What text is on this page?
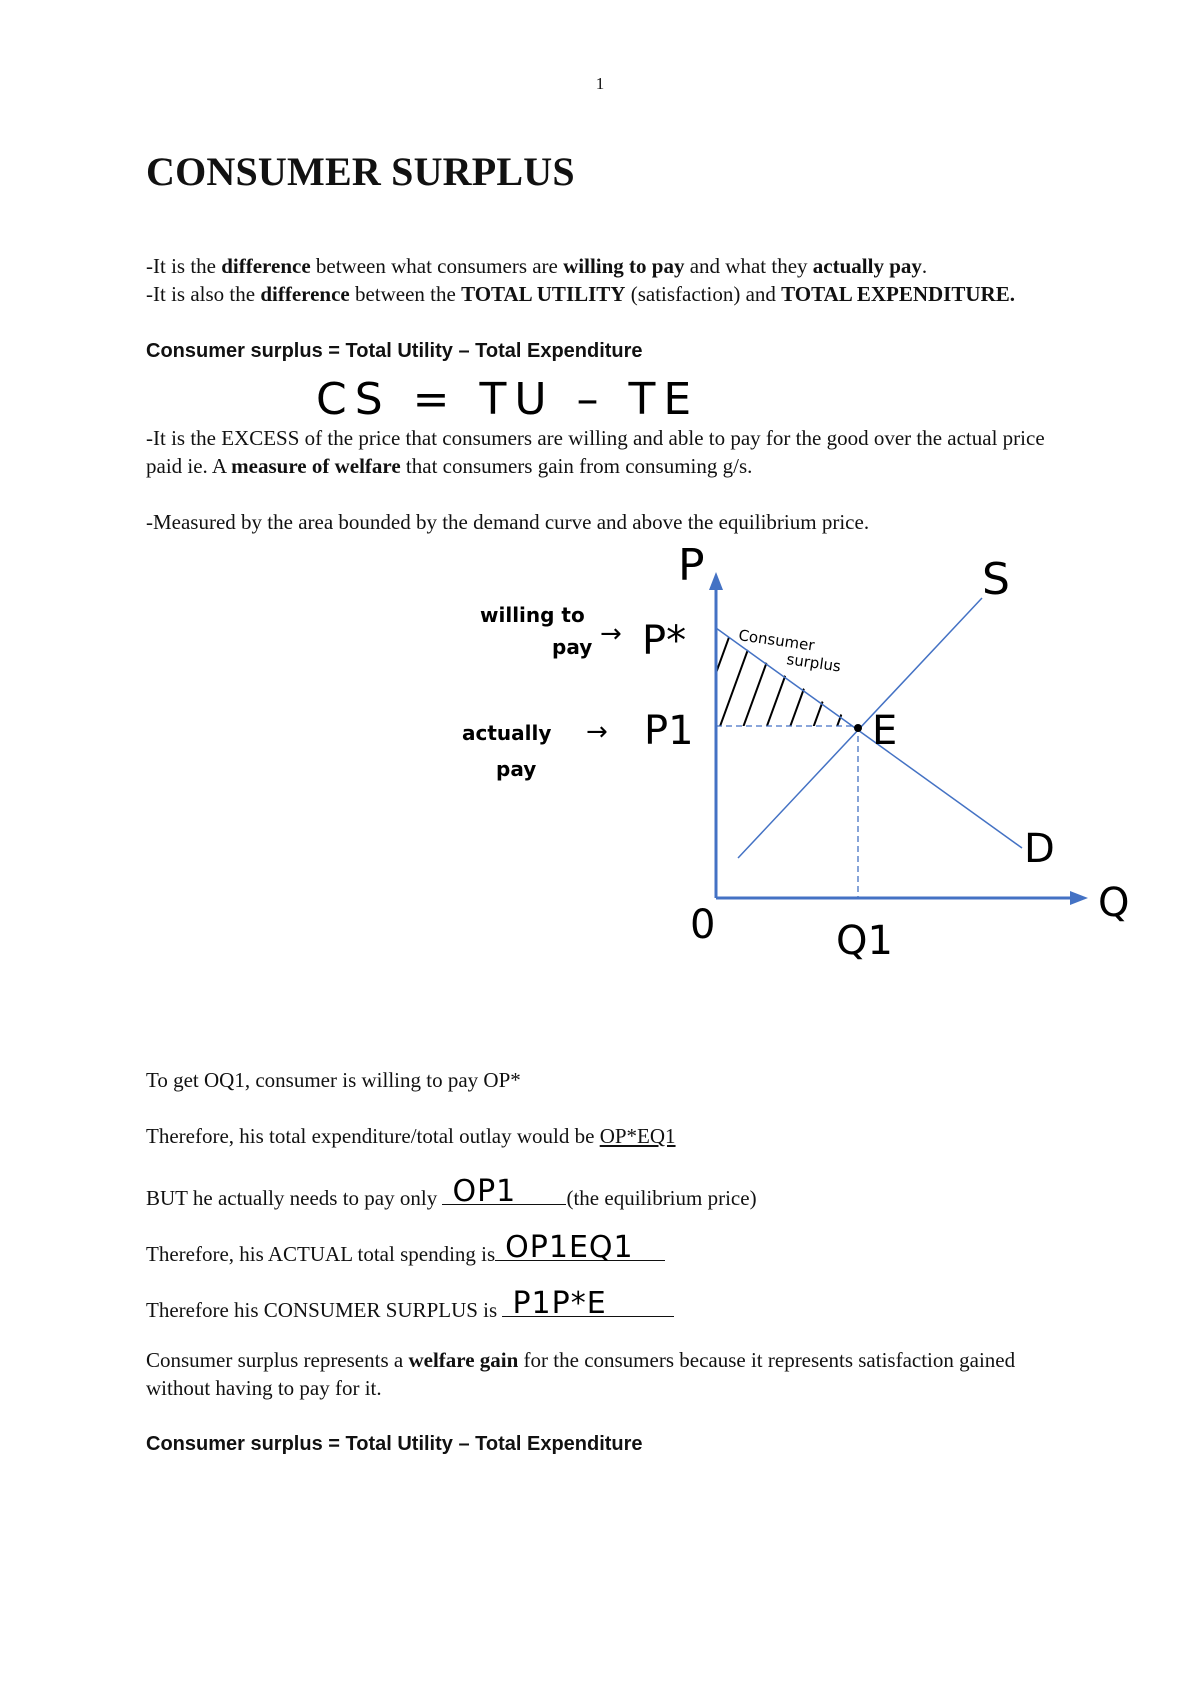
1
CONSUMER SURPLUS

-It is the difference between what consumers are willing to pay and what they actually pay.

-It is also the difference between the TOTAL UTILITY (satisfaction) and TOTAL EXPENDITURE.

Consumer surplus = Total Utility – Total Expenditure

CS = TU – TE

-It is the EXCESS of the price that consumers are willing and able to pay for the good over the actual price paid ie. A measure of welfare that consumers gain from consuming g/s.

-Measured by the area bounded by the demand curve and above the equilibrium price.

P	S
P*	Consumer
surplus
willing to
pay →
P1	E
actually
pay
→
D
0	Q1
Q

To get OQ1, consumer is willing to pay OP*

Therefore, his total expenditure/total outlay would be OP*EQ1

BUT he actually needs to pay only OP1 (the equilibrium price)

Therefore, his ACTUAL total spending is OP1EQ1

Therefore his CONSUMER SURPLUS is P1P*E

Consumer surplus represents a welfare gain for the consumers because it represents satisfaction gained without having to pay for it.

Consumer surplus = Total Utility – Total Expenditure
